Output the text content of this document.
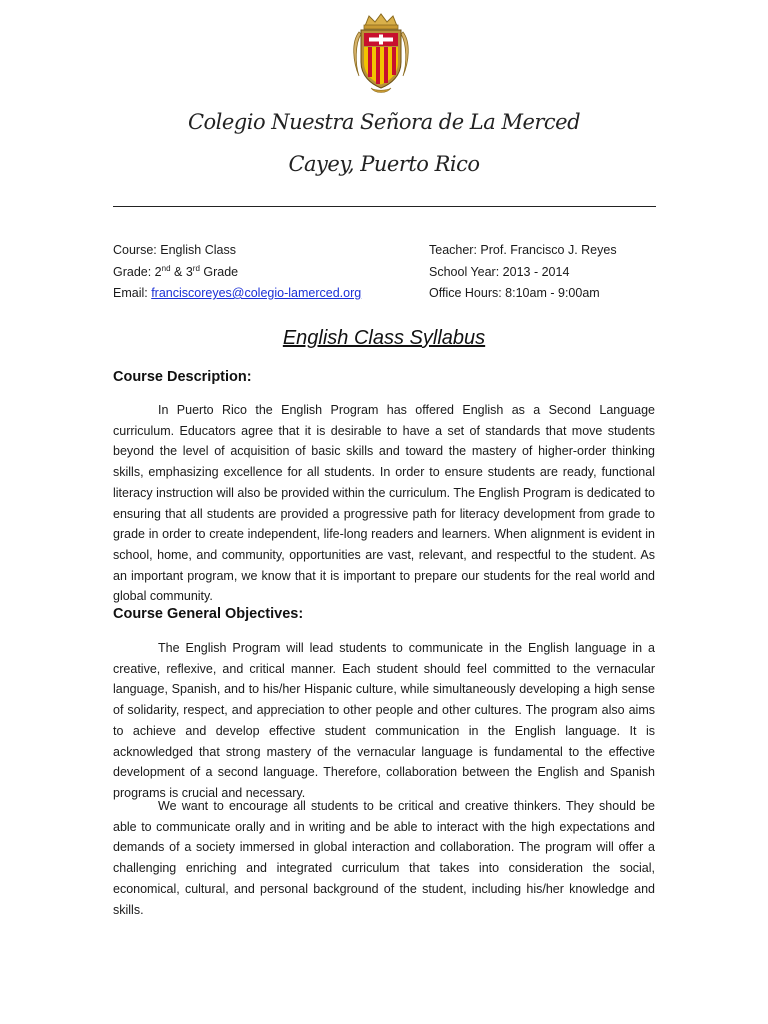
Colegio Nuestra Señora de La Merced
Cayey, Puerto Rico
Course: English Class
Grade: 2nd & 3rd Grade
Email: franciscoreyes@colegio-lamerced.org
Teacher: Prof. Francisco J. Reyes
School Year: 2013 - 2014
Office Hours: 8:10am - 9:00am
English Class Syllabus
Course Description:

In Puerto Rico the English Program has offered English as a Second Language curriculum. Educators agree that it is desirable to have a set of standards that move students beyond the level of acquisition of basic skills and toward the mastery of higher-order thinking skills, emphasizing excellence for all students. In order to ensure students are ready, functional literacy instruction will also be provided within the curriculum. The English Program is dedicated to ensuring that all students are provided a progressive path for literacy development from grade to grade in order to create independent, life-long readers and learners. When alignment is evident in school, home, and community, opportunities are vast, relevant, and respectful to the student. As an important program, we know that it is important to prepare our students for the real world and global community.

Course General Objectives:

The English Program will lead students to communicate in the English language in a creative, reflexive, and critical manner. Each student should feel committed to the vernacular language, Spanish, and to his/her Hispanic culture, while simultaneously developing a high sense of solidarity, respect, and appreciation to other people and other cultures. The program also aims to achieve and develop effective student communication in the English language. It is acknowledged that strong mastery of the vernacular language is fundamental to the effective development of a second language. Therefore, collaboration between the English and Spanish programs is crucial and necessary.

We want to encourage all students to be critical and creative thinkers. They should be able to communicate orally and in writing and be able to interact with the high expectations and demands of a society immersed in global interaction and collaboration. The program will offer a challenging enriching and integrated curriculum that takes into consideration the social, economical, cultural, and personal background of the student, including his/her knowledge and skills.
